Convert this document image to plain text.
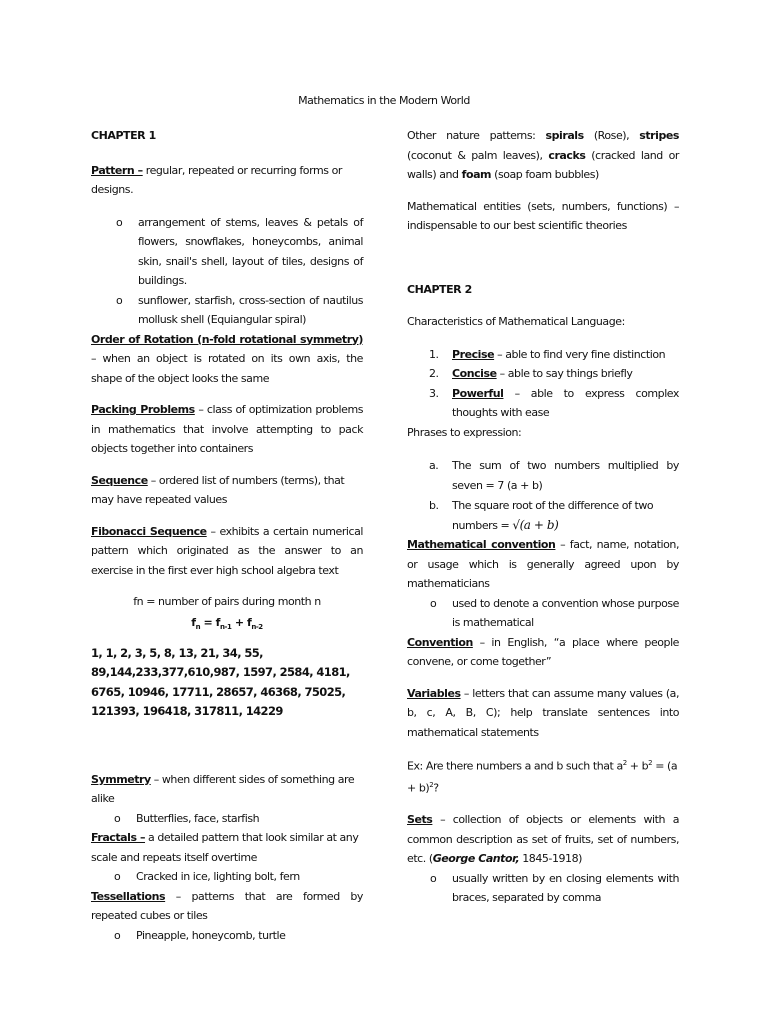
Mathematics in the Modern World

CHAPTER 1

Pattern – regular, repeated or recurring forms or designs.

o arrangement of stems, leaves & petals of flowers, snowflakes, honeycombs, animal skin, snail's shell, layout of tiles, designs of buildings.
o sunflower, starfish, cross-section of nautilus mollusk shell (Equiangular spiral)

Order of Rotation (n-fold rotational symmetry) – when an object is rotated on its own axis, the shape of the object looks the same

Packing Problems – class of optimization problems in mathematics that involve attempting to pack objects together into containers

Sequence – ordered list of numbers (terms), that may have repeated values

Fibonacci Sequence – exhibits a certain numerical pattern which originated as the answer to an exercise in the first ever high school algebra text

fn = number of pairs during month n

$f_n = f_{n-1} + f_{n-2}$

1, 1, 2, 3, 5, 8, 13, 21, 34, 55, 89,144,233,377,610,987, 1597, 2584, 4181, 6765, 10946, 17711, 28657, 46368, 75025, 121393, 196418, 317811, 14229

Symmetry – when different sides of something are alike

o Butterflies, face, starfish

Fractals – a detailed pattern that look similar at any scale and repeats itself overtime

o Cracked in ice, lighting bolt, fern

Tessellations – patterns that are formed by repeated cubes or tiles

o Pineapple, honeycomb, turtle

Other nature patterns: spirals (Rose), stripes (coconut & palm leaves), cracks (cracked land or walls) and foam (soap foam bubbles)

Mathematical entities (sets, numbers, functions) – indispensable to our best scientific theories

CHAPTER 2

Characteristics of Mathematical Language:

1. Precise – able to find very fine distinction
2. Concise – able to say things briefly
3. Powerful – able to express complex thoughts with ease

Phrases to expression:

a. The sum of two numbers multiplied by seven = 7 (a + b)
b. The square root of the difference of two numbers = √(a + b)

Mathematical convention – fact, name, notation, or usage which is generally agreed upon by mathematicians

o used to denote a convention whose purpose is mathematical

Convention – in English, “a place where people convene, or come together”

Variables – letters that can assume many values (a, b, c, A, B, C); help translate sentences into mathematical statements

Ex: Are there numbers a and b such that $a^2 + b^2 = (a + b)^2$?

Sets – collection of objects or elements with a common description as set of fruits, set of numbers, etc. (George Cantor, 1845-1918)

o usually written by en closing elements with braces, separated by comma
